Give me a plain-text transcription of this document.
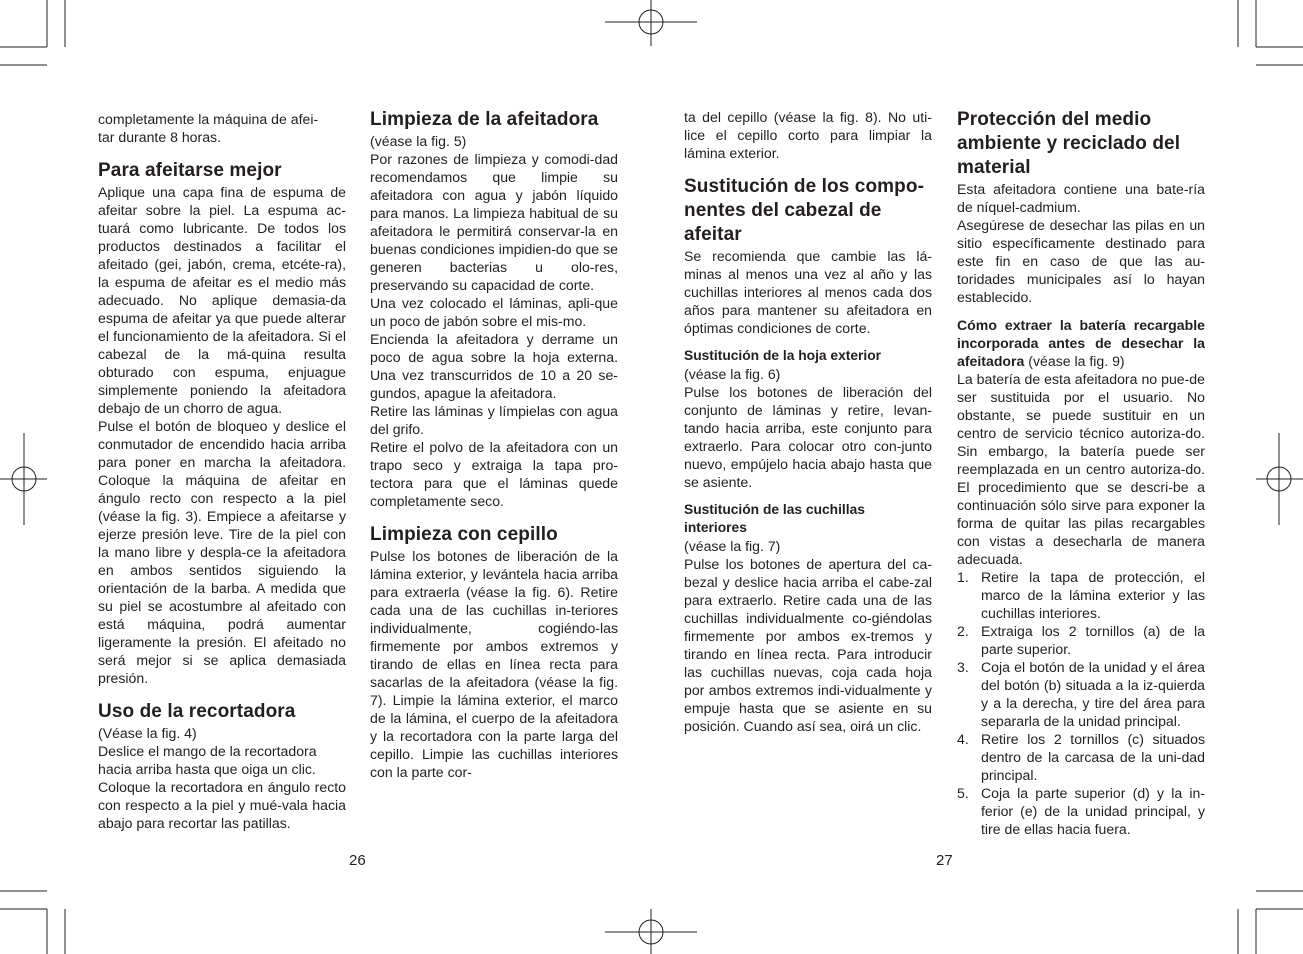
completamente la máquina de afei-
tar durante 8 horas.

Para afeitarse mejor

Aplique una capa fina de espuma de afeitar sobre la piel. La espuma ac-tuará como lubricante. De todos los productos destinados a facilitar el afeitado (gei, jabón, crema, etcéte-ra), la espuma de afeitar es el medio más adecuado. No aplique demasia-da espuma de afeitar ya que puede alterar el funcionamiento de la afeitadora. Si el cabezal de la má-quina resulta obturado con espuma, enjuague simplemente poniendo la afeitadora debajo de un chorro de agua.

Pulse el botón de bloqueo y deslice el conmutador de encendido hacia arriba para poner en marcha la afeitadora. Coloque la máquina de afeitar en ángulo recto con respecto a la piel (véase la fig. 3). Empiece a afeitarse y ejerze presión leve. Tire de la piel con la mano libre y despla-ce la afeitadora en ambos sentidos siguiendo la orientación de la barba. A medida que su piel se acostumbre al afeitado con está máquina, podrá aumentar ligeramente la presión. El afeitado no será mejor si se aplica demasiada presión.

Uso de la recortadora

(Véase la fig. 4)

Deslice el mango de la recortadora hacia arriba hasta que oiga un clic.

Coloque la recortadora en ángulo recto con respecto a la piel y mué-vala hacia abajo para recortar las patillas.

Limpieza de la afeitadora

(véase la fig. 5)

Por razones de limpieza y comodi-dad recomendamos que limpie su afeitadora con agua y jabón líquido para manos. La limpieza habitual de su afeitadora le permitirá conservar-la en buenas condiciones impidien-do que se generen bacterias u olo-res, preservando su capacidad de corte.

Una vez colocado el láminas, apli-que un poco de jabón sobre el mis-mo.

Encienda la afeitadora y derrame un poco de agua sobre la hoja externa. Una vez transcurridos de 10 a 20 se-gundos, apague la afeitadora.

Retire las láminas y límpielas con agua del grifo.

Retire el polvo de la afeitadora con un trapo seco y extraiga la tapa pro-tectora para que el láminas quede completamente seco.

Limpieza con cepillo

Pulse los botones de liberación de la lámina exterior, y levántela hacia arriba para extraerla (véase la fig. 6). Retire cada una de las cuchillas in-teriores individualmente, cogiéndo-las firmemente por ambos extremos y tirando de ellas en línea recta para sacarlas de la afeitadora (véase la fig. 7). Limpie la lámina exterior, el marco de la lámina, el cuerpo de la afeitadora y la recortadora con la parte larga del cepillo. Limpie las cuchillas interiores con la parte cor-

26

ta del cepillo (véase la fig. 8). No uti-lice el cepillo corto para limpiar la lámina exterior.

Sustitución de los compo-
nentes del cabezal de
afeitar

Se recomienda que cambie las lá-minas al menos una vez al año y las cuchillas interiores al menos cada dos años para mantener su afeitadora en óptimas condiciones de corte.

Sustitución de la hoja exterior

(véase la fig. 6)

Pulse los botones de liberación del conjunto de láminas y retire, levan-tando hacia arriba, este conjunto para extraerlo. Para colocar otro con-junto nuevo, empújelo hacia abajo hasta que se asiente.

Sustitución de las cuchillas
interiores

(véase la fig. 7)

Pulse los botones de apertura del ca-bezal y deslice hacia arriba el cabe-zal para extraerlo. Retire cada una de las cuchillas individualmente co-giéndolas firmemente por ambos ex-tremos y tirando en línea recta. Para introducir las cuchillas nuevas, coja cada hoja por ambos extremos indi-vidualmente y empuje hasta que se asiente en su posición. Cuando así sea, oirá un clic.

Protección del medio
ambiente y reciclado del
material

Esta afeitadora contiene una bate-ría de níquel-cadmium.

Asegúrese de desechar las pilas en un sitio específicamente destinado para este fin en caso de que las au-toridades municipales así lo hayan establecido.

Cómo extraer la batería recargable incorporada antes de desechar la afeitadora (véase la fig. 9)

La batería de esta afeitadora no pue-de ser sustituida por el usuario. No obstante, se puede sustituir en un centro de servicio técnico autoriza-do. Sin embargo, la batería puede ser reemplazada en un centro autoriza-do. El procedimiento que se descri-be a continuación sólo sirve para exponer la forma de quitar las pilas recargables con vistas a desecharla de manera adecuada.

1. Retire la tapa de protección, el marco de la lámina exterior y las cuchillas interiores.
2. Extraiga los 2 tornillos (a) de la parte superior.
3. Coja el botón de la unidad y el área del botón (b) situada a la iz-quierda y a la derecha, y tire del área para separarla de la unidad principal.
4. Retire los 2 tornillos (c) situados dentro de la carcasa de la uni-dad principal.
5. Coja la parte superior (d) y la in-ferior (e) de la unidad principal, y tire de ellas hacia fuera.
27
